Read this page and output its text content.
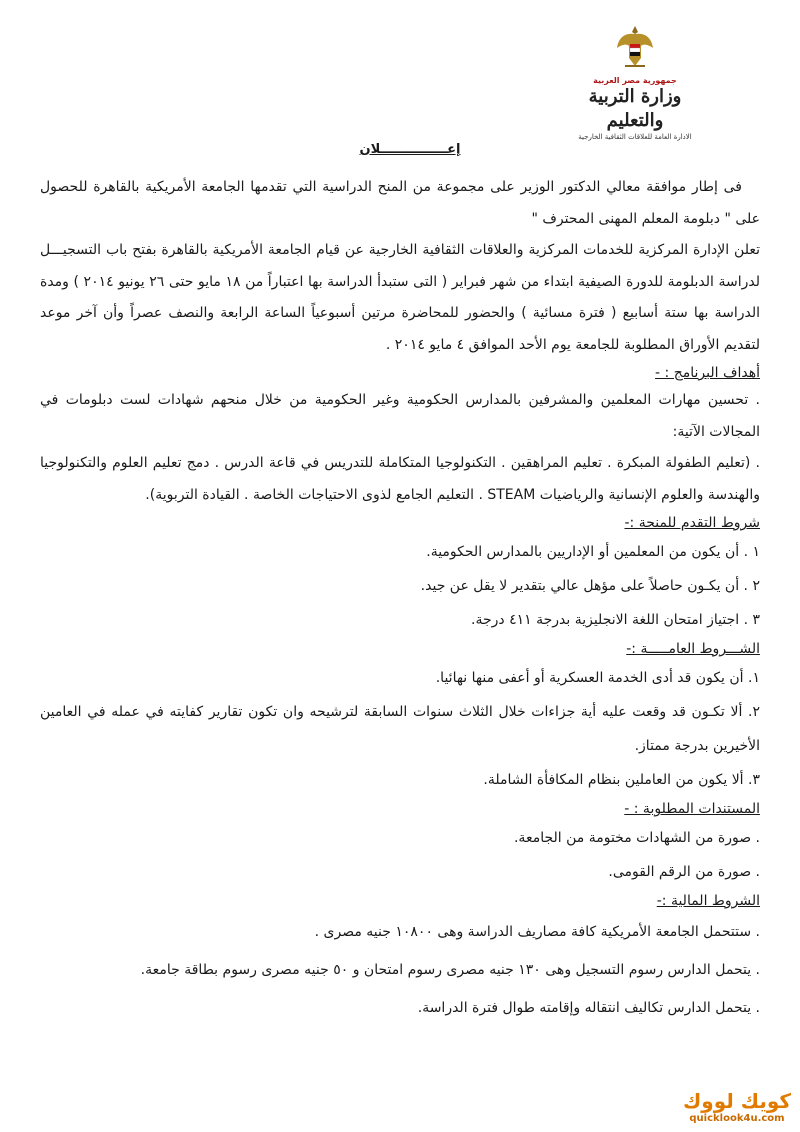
جمهورية مصر العربية
وزارة التربية والتعليم
الادارة العامة للعلاقات الثقافية الخارجية
إعـــــــــــــــلان

فى إطار موافقة معالي الدكتور الوزير على مجموعة من المنح الدراسية التي تقدمها الجامعة الأمريكية بالقاهرة للحصول على " دبلومة المعلم المهنى المحترف "

تعلن الإدارة المركزية للخدمات المركزية والعلاقات الثقافية الخارجية عن قيام الجامعة الأمريكية بالقاهرة بفتح باب التسجيـــل لدراسة الدبلومة للدورة الصيفية ابتداء من شهر فبراير ( التى ستبدأ الدراسة بها اعتباراً من ١٨ مايو حتى ٢٦ يونيو ٢٠١٤ ) ومدة الدراسة بها ستة أسابيع ( فترة مسائية ) والحضور للمحاضرة مرتين أسبوعياً الساعة الرابعة والنصف عصراً وأن آخر موعد لتقديم الأوراق المطلوبة للجامعة يوم الأحد الموافق ٤ مايو ٢٠١٤ .

أهداف البرنامج : -

. تحسين مهارات المعلمين والمشرفين بالمدارس الحكومية وغير الحكومية من خلال منحهم شهادات لست دبلومات في المجالات الآتية:

. (تعليم الطفولة المبكرة . تعليم المراهقين . التكنولوجيا المتكاملة للتدريس في قاعة الدرس . دمج تعليم العلوم والتكنولوجيا والهندسة والعلوم الإنسانية والرياضيات STEAM . التعليم الجامع لذوى الاحتياجات الخاصة . القيادة التربوية).

شروط التقدم للمنحة :-

١ . أن يكون من المعلمين أو الإداريين بالمدارس الحكومية.

٢ . أن يكـون حاصلاً على مؤهل عالي بتقدير لا يقل عن جيد.

٣ . اجتياز امتحان اللغة الانجليزية بدرجة ٤١١ درجة.

الشـــروط العامـــــة :-

١. أن يكون قد أدى الخدمة العسكرية أو أعفى منها نهائيا.

٢. ألا تكـون قد وقعت عليه أية جزاءات خلال الثلاث سنوات السابقة لترشيحه وان تكون تقارير كفايته في عمله في العامين الأخيرين بدرجة ممتاز.

٣. ألا يكون من العاملين بنظام المكافأة الشاملة.

المستندات المطلوبة : -

. صورة من الشهادات مختومة من الجامعة.

. صورة من الرقم القومى.

الشروط المالية :-

. ستتحمل الجامعة الأمريكية كافة مصاريف الدراسة وهى ١٠٨٠٠ جنيه مصرى .

. يتحمل الدارس رسوم التسجيل وهى ١٣٠ جنيه مصرى رسوم امتحان و ٥٠ جنيه مصرى رسوم بطاقة جامعة.

. يتحمل الدارس تكاليف انتقاله وإقامته طوال فترة الدراسة.

كويك لووك
quicklook4u.com
